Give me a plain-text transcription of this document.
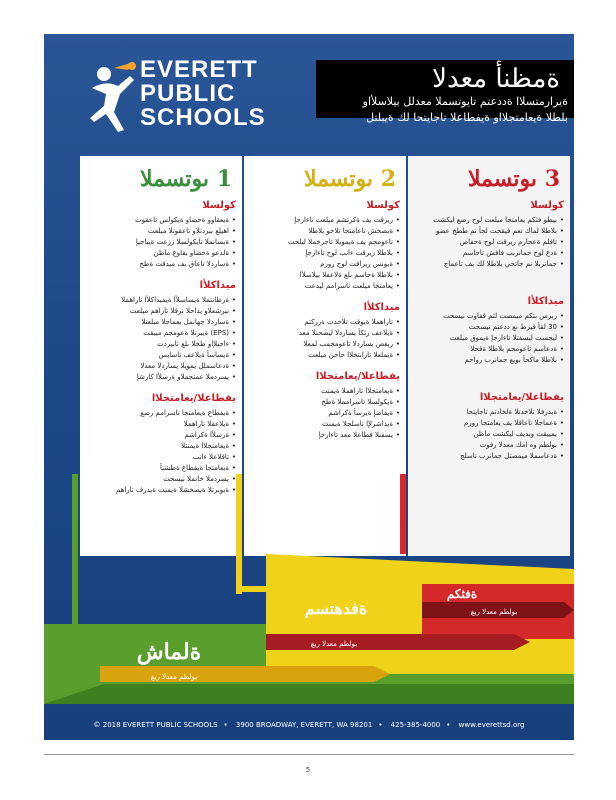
EVERETT
PUBLIC
SCHOOLS
ةمظنأ معدلا
ةيرارمتسلاا ةددعتم تايوتسملا معدلل بيلاسلأاو
بلطلا ةيعامتجلااو ةيفطاعلا تاجايتحا لك ةيبلتل
3 ىوتسملا
كولسلا
• بيطو فثكم يعامتجا ميلعت لوح رصع ليكشت
• بلاطلا لماك نعم قيقحت لجأ نم ططخ عضو
• تافلم ةعجارم ريرقت لوح ةحفاص
• ةدع لوح جمانربب فافش تاحاسم
• جمانربلا نم جاتحي بلاطلا لك يف تاعماج
ميداكلأا
• ريرس بتكم ميمصت لثم قفاوت نيسحت
• 30 لقأ قيرط نع ددعتم نيسحت
• ليجست ليسفتلا تاءارجإ ةيموق ميلعت
• ةدعاسم تاعومجم بلاطلا ةقحلا
• بلاطلا ماكحأ بويع جمانرب رواحم
يفطاعلا/يعامتجلاا
• ةيدرفلا تلاخدتلا ةلخادتم تاجايتحا
• ةعماجلا تاعاقلا يف يعامتجا رورم
• يمييقت ويديف ليكشت ماظن
• بولطم وه امك معدلا رفوت
• ةدعاسملا ميمصتل جمانرب تاسلج
2 ىوتسملا
كولسلا
• ريرقت يف ةكرتشم ميلعت تاءارجإ
• ةيصخش تاعامتجا تلاجو بلاطلا
• تاعومجم يف ةيمويلا تاجرخملا ليلحت
• بلاطلا ريرقت ءانب لوح تاءارجإ
• ةيونس ريراقت لوح رورم
• بلاطلا ةحاسم ىلع ةلاعفلا بيلاسلأا
• يعامتجا ميلعت تاسرامم ليدعت
ميداكلأا
• تاراهملا ةيوقت تلاخدت ةرركتم
• ةيلاعف رثكأ يساردلا ليصحتلا معد
• ريغص يساردلا تاعومجمب لمعلا
• ةيملعلا تارابتخلاا حاجن ميلعت
يفطاعلا/يعامتجلاا
• ةيعامتجلاا تاراهملا ةيمنت
• ةيكولسلا تاسرامملا ةطخ
• ةيفاضإ ةيرسأ ةكراشم
• ةيداشرلإا تاسلجلا ةيمنت
• يسفنلا فطاعلا معد تاءارجإ
1 ىوتسملا
كولسلا
• ةيعقاوو ةحضاو ةيكولس تاعقوت
• اهيلع بيردتلاو تاعقوتلا ميلعت
• ةبسانملا تايكولسلا ززعت ةيباجيإ
• ةلدعو ةحضاو بقاوع ماظن
• ةساردلا تاعاق يف ميدقت ةطخ
ميداكلأا
• ةرظانتملا ةيساسلأا ةيميداكلأا تاراهملا
• نيرشعلاو يداحلا نرقلا تاراهم ميلعت
• ةساردلا جهانمل يعماجلا ميلعتلا
• (EPS) ةيبرتلا ةعومجم مييقت
• ءاجيلإاو طخلا ىلع تابيردت
• ةيساسأ ةيلاعف تاسايس
• ةدعاسملل يمويلا يساردلا معدلا
• يسردملا عمتجملاو ةرسلأا كارشإ
يفطاعلا/يعامتجلاا
• ةيفطاع ةيعامتجا تاسرامم رصع
• ةيلاعفلا تاراهملا
• ةرسلأا ةكراشم
• ةيعامتجلاا ةيمنتلا
• تاقلاعلا ءانب
• ةيعامتجا ةيفطاع ةطشنأ
• يسردملا خانملا نيسحت
• ةيوبرتلا ةيصخشلا ةيمنت ةيدرف تاراهم
بولطم معدلا ريغ
بولطم معدلا ريغ
بولطم معدلا ريغ
ةلماش
ةفدهتسم
ةفثكم
© 2018 EVERETT PUBLIC SCHOOLS • 3900 BROADWAY, EVERETT, WA 98201 • 425-385-4000 • www.everettsd.org
5
